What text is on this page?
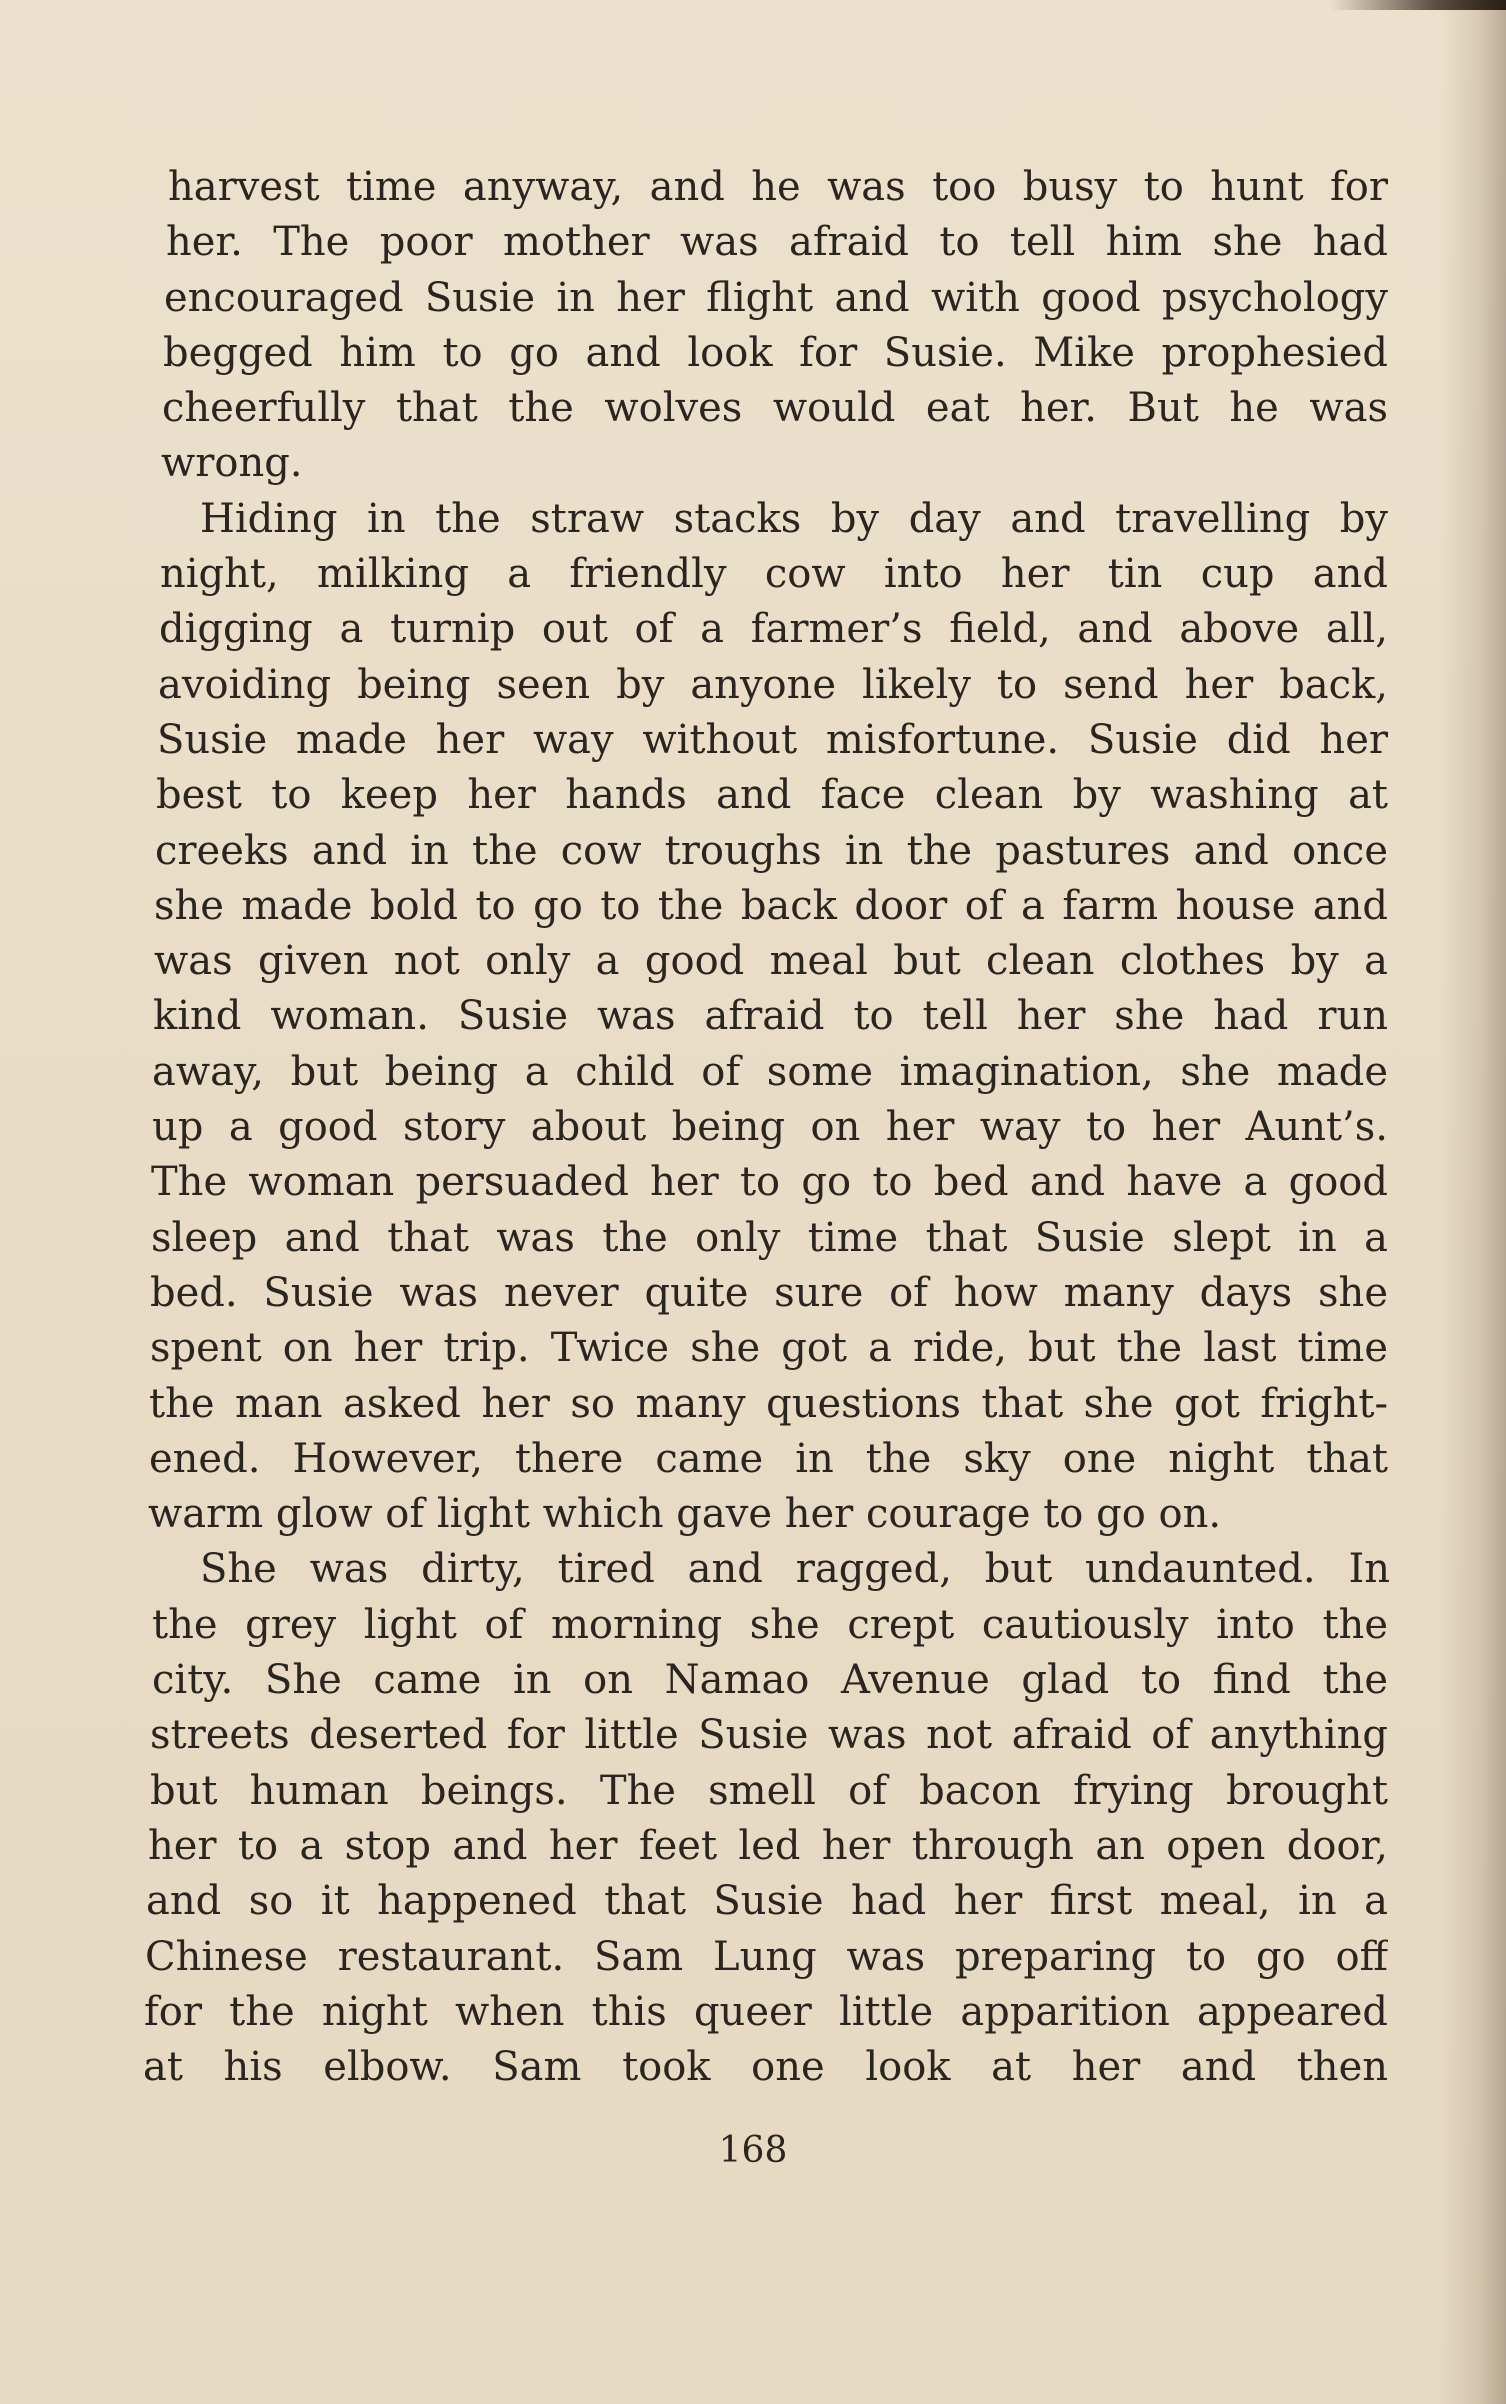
harvest time anyway, and he was too busy to hunt for
her. The poor mother was afraid to tell him she had
encouraged Susie in her flight and with good psychology
begged him to go and look for Susie. Mike prophesied
cheerfully that the wolves would eat her. But he was
wrong.
Hiding in the straw stacks by day and travelling by
night, milking a friendly cow into her tin cup and
digging a turnip out of a farmer’s field, and above all,
avoiding being seen by anyone likely to send her back,
Susie made her way without misfortune. Susie did her
best to keep her hands and face clean by washing at
creeks and in the cow troughs in the pastures and once
she made bold to go to the back door of a farm house and
was given not only a good meal but clean clothes by a
kind woman. Susie was afraid to tell her she had run
away, but being a child of some imagination, she made
up a good story about being on her way to her Aunt’s.
The woman persuaded her to go to bed and have a good
sleep and that was the only time that Susie slept in a
bed. Susie was never quite sure of how many days she
spent on her trip. Twice she got a ride, but the last time
the man asked her so many questions that she got fright-
ened. However, there came in the sky one night that
warm glow of light which gave her courage to go on.
She was dirty, tired and ragged, but undaunted. In
the grey light of morning she crept cautiously into the
city. She came in on Namao Avenue glad to find the
streets deserted for little Susie was not afraid of anything
but human beings. The smell of bacon frying brought
her to a stop and her feet led her through an open door,
and so it happened that Susie had her first meal, in a
Chinese restaurant. Sam Lung was preparing to go off
for the night when this queer little apparition appeared
at his elbow. Sam took one look at her and then
168
